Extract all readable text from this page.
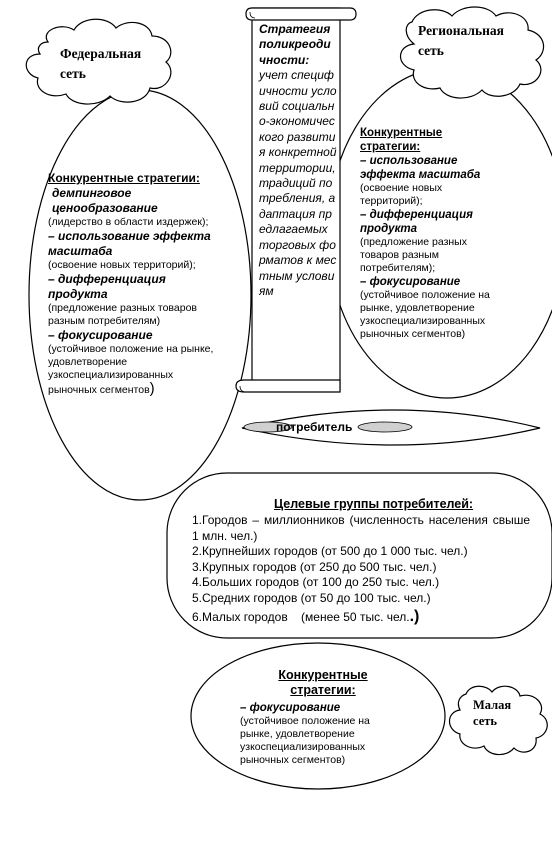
Федеральная сеть
Региональная сеть
Малая сеть
Стратегия поликреодичности:
учет специфичности условий социально-экономического развития конкретной территории, традиций потребления, адаптация предлагаемых торговых форматов к местным условиям
потребитель
Конкурентные стратегии:
демпинговое ценообразование
(лидерство в области издержек);
– использование эффекта масштаба
(освоение новых территорий);
– дифференциация продукта
(предложение разных товаров разным потребителям)
– фокусирование
(устойчивое положение на рынке, удовлетворение узкоспециализированных рыночных сегментов)
Конкурентные стратегии:
– использование эффекта масштаба
(освоение новых территорий);
– дифференциация продукта
(предложение разных товаров разным потребителям);
– фокусирование
(устойчивое положение на рынке, удовлетворение узкоспециализированных рыночных сегментов)
Целевые группы потребителей:
1.Городов – миллионников (численность населения свыше 1 млн. чел.)
2.Крупнейших городов (от 500 до 1 000 тыс. чел.)
3.Крупных городов (от 250 до 500 тыс. чел.)
4.Больших городов (от 100 до 250 тыс. чел.)
5.Средних городов (от 50 до 100 тыс. чел.)
6.Малых городов    (менее 50 тыс. чел..)
Конкурентные стратегии:
– фокусирование
(устойчивое положение на рынке, удовлетворение узкоспециализированных рыночных сегментов)
